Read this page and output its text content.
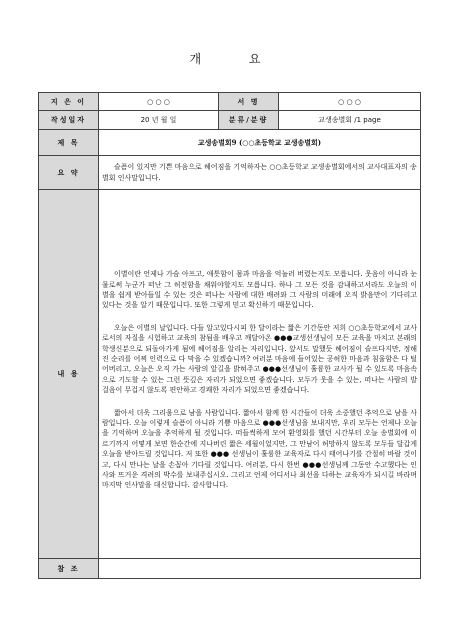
개 요
지 은 이	○ ○ ○	서 명	○ ○ ○
작성일자	20 년 월 일	분류/분량	교생송별회 /1 page
제 목	교생송별회9 (○○초등학교 교생송별회)		
요 약	슬픔이 있지만 기쁜 마음으로 헤어짐을 기억하자는 ○○초등학교 교생송별회에서의 교사대표자의 송별회 인사말입니다.		
내 용	이별이란 언제나 가슴 아프고, 애틋함이 몸과 마음을 억눌러 버렸는지도 모릅니다. 웃음이 아니라 눈물로써 누군가 떠난 그 허전함을 채워야할지도 모릅니다. 하나 그 모든 것을 감내하고서라도 오늘의 이별을 쉽게 받아들일 수 있는 것은 떠나는 사람에 대한 배려와 그 사람의 미래에 오직 밝음만이 기다리고 있다는 것을 알기 때문입니다. 또한 그렇게 믿고 확신하기 때문입니다.

오늘은 이별의 날입니다. 다들 알고있다시피 한 달이라는 짧은 기간동안 저희 ○○초등학교에서 교사로서의 자질을 시험하고 교육의 참됨을 배우고 깨달아온 ●●●교생선생님이 모든 교육을 마치고 본래의 학생신분으로 되돌아가게 됨에 헤어짐을 알리는 자리입니다. 앞서도 말했듯 헤어짐이 슬프다지만, 정해진 순리를 어찌 인력으로 다 막을 수 있겠습니까? 여러분 마음에 들어있는 공허한 마음과 침울함은 다 털어버리고, 오늘은 오직 가는 사람의 앞길을 밝혀주고 ●●●선생님이 훌륭한 교사가 될 수 있도록 마음속으로 기도할 수 있는 그런 뜻깊은 자리가 되었으면 좋겠습니다. 모두가 웃을 수 있는, 떠나는 사람의 발걸음이 무겁지 않도록 편안하고 경쾌한 자리가 되었으면 좋겠습니다.

짧아서 더욱 그리움으로 남을 사람입니다. 짧아서 함께 한 시간들이 더욱 소중했던 추억으로 남을 사람입니다. 오늘 이렇게 슬픔이 아니라 기쁨 마음으로 ●●●선생님을 보내지만, 우리 모두는 언제나 오늘을 기억하며 오늘을 추억하게 될 것입니다. 떠들썩하게 모여 환영회를 했던 시간부터 오늘 송별회에 이르기까지 어떻게 보면 한순간에 지나버린 짧은 세월이었지만, 그 만남이 허망하지 않도록 모두들 달갑게 오늘을 받아드릴 것입니다. 저 또한 ●●● 선생님이 훌륭한 교육자로 다시 태어나기를 간절히 바랄 것이고, 다시 만나는 날을 손꼽아 기다릴 것입니다. 여러분, 다시 한번 ●●●선생님께 그동안 수고했다는 인사와 뜨거운 격려의 박수를 보내주십시오. 그리고 언제 어디서나 최선을 다하는 교육자가 되시길 바라며 마지막 인사말을 대신합니다. 감사합니다.		

참 조			
